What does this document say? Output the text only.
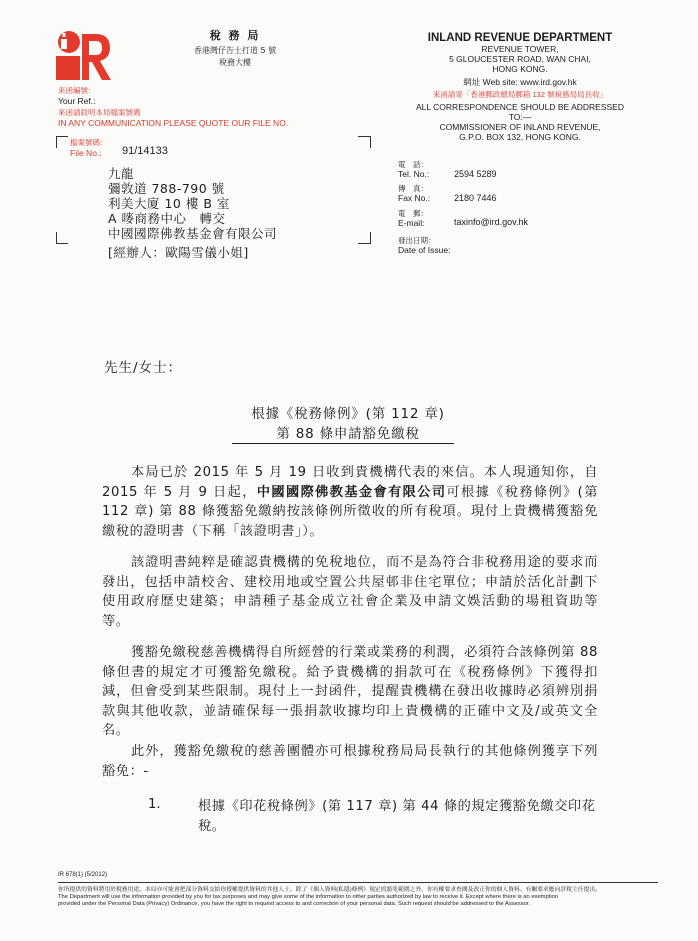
稅 務 局
香港灣仔告士打道 5 號
稅務大樓
INLAND REVENUE DEPARTMENT
REVENUE TOWER,
5 GLOUCESTER ROAD, WAN CHAI,
HONG KONG.
網址 Web site: www.ird.gov.hk
來函請寄「香港郵政總局郵箱 132 號稅務局局長收」
ALL CORRESPONDENCE SHOULD BE ADDRESSED TO:—
COMMISSIONER OF INLAND REVENUE,
G.P.O. BOX 132, HONG KONG.
來函編號：
Your Ref.:
來函請敘明本局檔案號碼
IN ANY COMMUNICATION PLEASE QUOTE OUR FILE NO.
檔案號碼：
File No.:	91/14133
九龍
彌敦道 788-790 號
利美大廈 10 樓 B 室
A 嘜商務中心　轉交
中國國際佛教基金會有限公司
[經辦人：歐陽雪儀小姐]
電　話：
Tel. No.:	2594 5289
傳　真：
Fax No.:	2180 7446
電　郵：
E-mail:	taxinfo@ird.gov.hk
發出日期：
Date of Issue:
先生/女士：
根據《稅務條例》(第 112 章)
第 88 條申請豁免繳稅

本局已於 2015 年 5 月 19 日收到貴機構代表的來信。本人現通知你，自 2015 年 5 月 9 日起，中國國際佛教基金會有限公司可根據《稅務條例》(第 112 章) 第 88 條獲豁免繳納按該條例所徵收的所有稅項。現付上貴機構獲豁免繳稅的證明書（下稱「該證明書」）。

該證明書純粹是確認貴機構的免稅地位，而不是為符合非稅務用途的要求而發出，包括申請校舍、建校用地或空置公共屋邨非住宅單位；申請於活化計劃下使用政府歷史建築；申請種子基金成立社會企業及申請文娛活動的場租資助等等。

獲豁免繳稅慈善機構得自所經營的行業或業務的利潤，必須符合該條例第 88 條但書的規定才可獲豁免繳稅。給予貴機構的捐款可在《稅務條例》下獲得扣減，但會受到某些限制。現付上一封函件，提醒貴機構在發出收據時必須辨別捐款與其他收款，並請確保每一張捐款收據均印上貴機構的正確中文及/或英文全名。

此外，獲豁免繳稅的慈善團體亦可根據稅務局局長執行的其他條例獲享下列豁免：-

1.	根據《印花稅條例》(第 117 章) 第 44 條的規定獲豁免繳交印花稅。
IR 678(1) (5/2012)
你所提供的資料將用於稅務用途。本局亦可能會把部分資料交給你授權提供資料的其他人士。除了《個人資料(私隱)條例》規定的豁免範圍之外，你有權要求查閱及改正你的個人資料。有關要求應向評稅主任提出。
The Department will use the information provided by you for tax purposes and may give some of the information to other parties authorized by law to receive it. Except where there is an exemption
provided under the Personal Data (Privacy) Ordinance, you have the right to request access to and correction of your personal data. Such request should be addressed to the Assessor.
